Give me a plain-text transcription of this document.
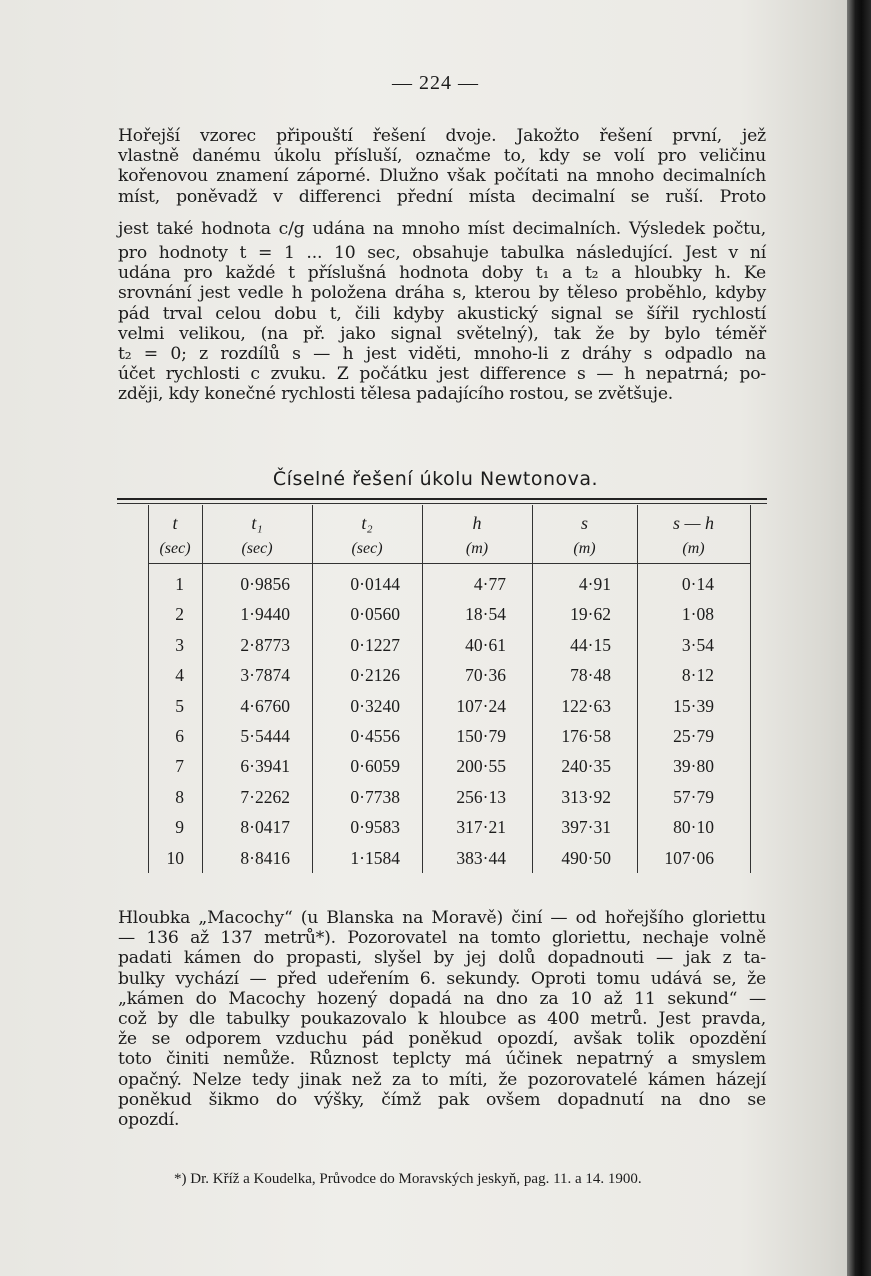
— 224 —
Hořejší vzorec připouští řešení dvoje. Jakožto řešení první, jež
vlastně danému úkolu přísluší, označme to, kdy se volí pro veličinu
kořenovou znamení záporné. Dlužno však počítati na mnoho decimalních
míst, poněvadž v differenci přední místa decimalní se ruší. Proto
jest také hodnota c/g udána na mnoho míst decimalních. Výsledek počtu,
pro hodnoty t = 1 ... 10 sec, obsahuje tabulka následující. Jest v ní
udána pro každé t příslušná hodnota doby t₁ a t₂ a hloubky h. Ke
srovnání jest vedle h položena dráha s, kterou by těleso proběhlo, kdyby
pád trval celou dobu t, čili kdyby akustický signal se šířil rychlostí
velmi velikou, (na př. jako signal světelný), tak že by bylo téměř
t₂ = 0; z rozdílů s — h jest viděti, mnoho-li z dráhy s odpadlo na
účet rychlosti c zvuku. Z počátku jest difference s — h nepatrná; po-
zději, kdy konečné rychlosti tělesa padajícího rostou, se zvětšuje.
Číselné řešení úkolu Newtonova.
t	t₁	t₂	h	s	s — h
(sec)	(sec)	(sec)	(m)	(m)	(m)
1	0·9856	0·0144	4·77	4·91	0·14
2	1·9440	0·0560	18·54	19·62	1·08
3	2·8773	0·1227	40·61	44·15	3·54
4	3·7874	0·2126	70·36	78·48	8·12
5	4·6760	0·3240	107·24	122·63	15·39
6	5·5444	0·4556	150·79	176·58	25·79
7	6·3941	0·6059	200·55	240·35	39·80
8	7·2262	0·7738	256·13	313·92	57·79
9	8·0417	0·9583	317·21	397·31	80·10
10	8·8416	1·1584	383·44	490·50	107·06
Hloubka „Macochy“ (u Blanska na Moravě) činí — od hořejšího gloriettu
— 136 až 137 metrů*). Pozorovatel na tomto gloriettu, nechaje volně
padati kámen do propasti, slyšel by jej dolů dopadnouti — jak z ta-
bulky vychází — před udeřením 6. sekundy. Oproti tomu udává se, že
„kámen do Macochy hozený dopadá na dno za 10 až 11 sekund“ —
což by dle tabulky poukazovalo k hloubce as 400 metrů. Jest pravda,
že se odporem vzduchu pád poněkud opozdí, avšak tolik opozdění
toto činiti nemůže. Různost teplcty má účinek nepatrný a smyslem
opačný. Nelze tedy jinak než za to míti, že pozorovatelé kámen házejí
poněkud šikmo do výšky, čímž pak ovšem dopadnutí na dno se
opozdí.
*) Dr. Kříž a Koudelka, Průvodce do Moravských jeskyň, pag. 11. a 14. 1900.
